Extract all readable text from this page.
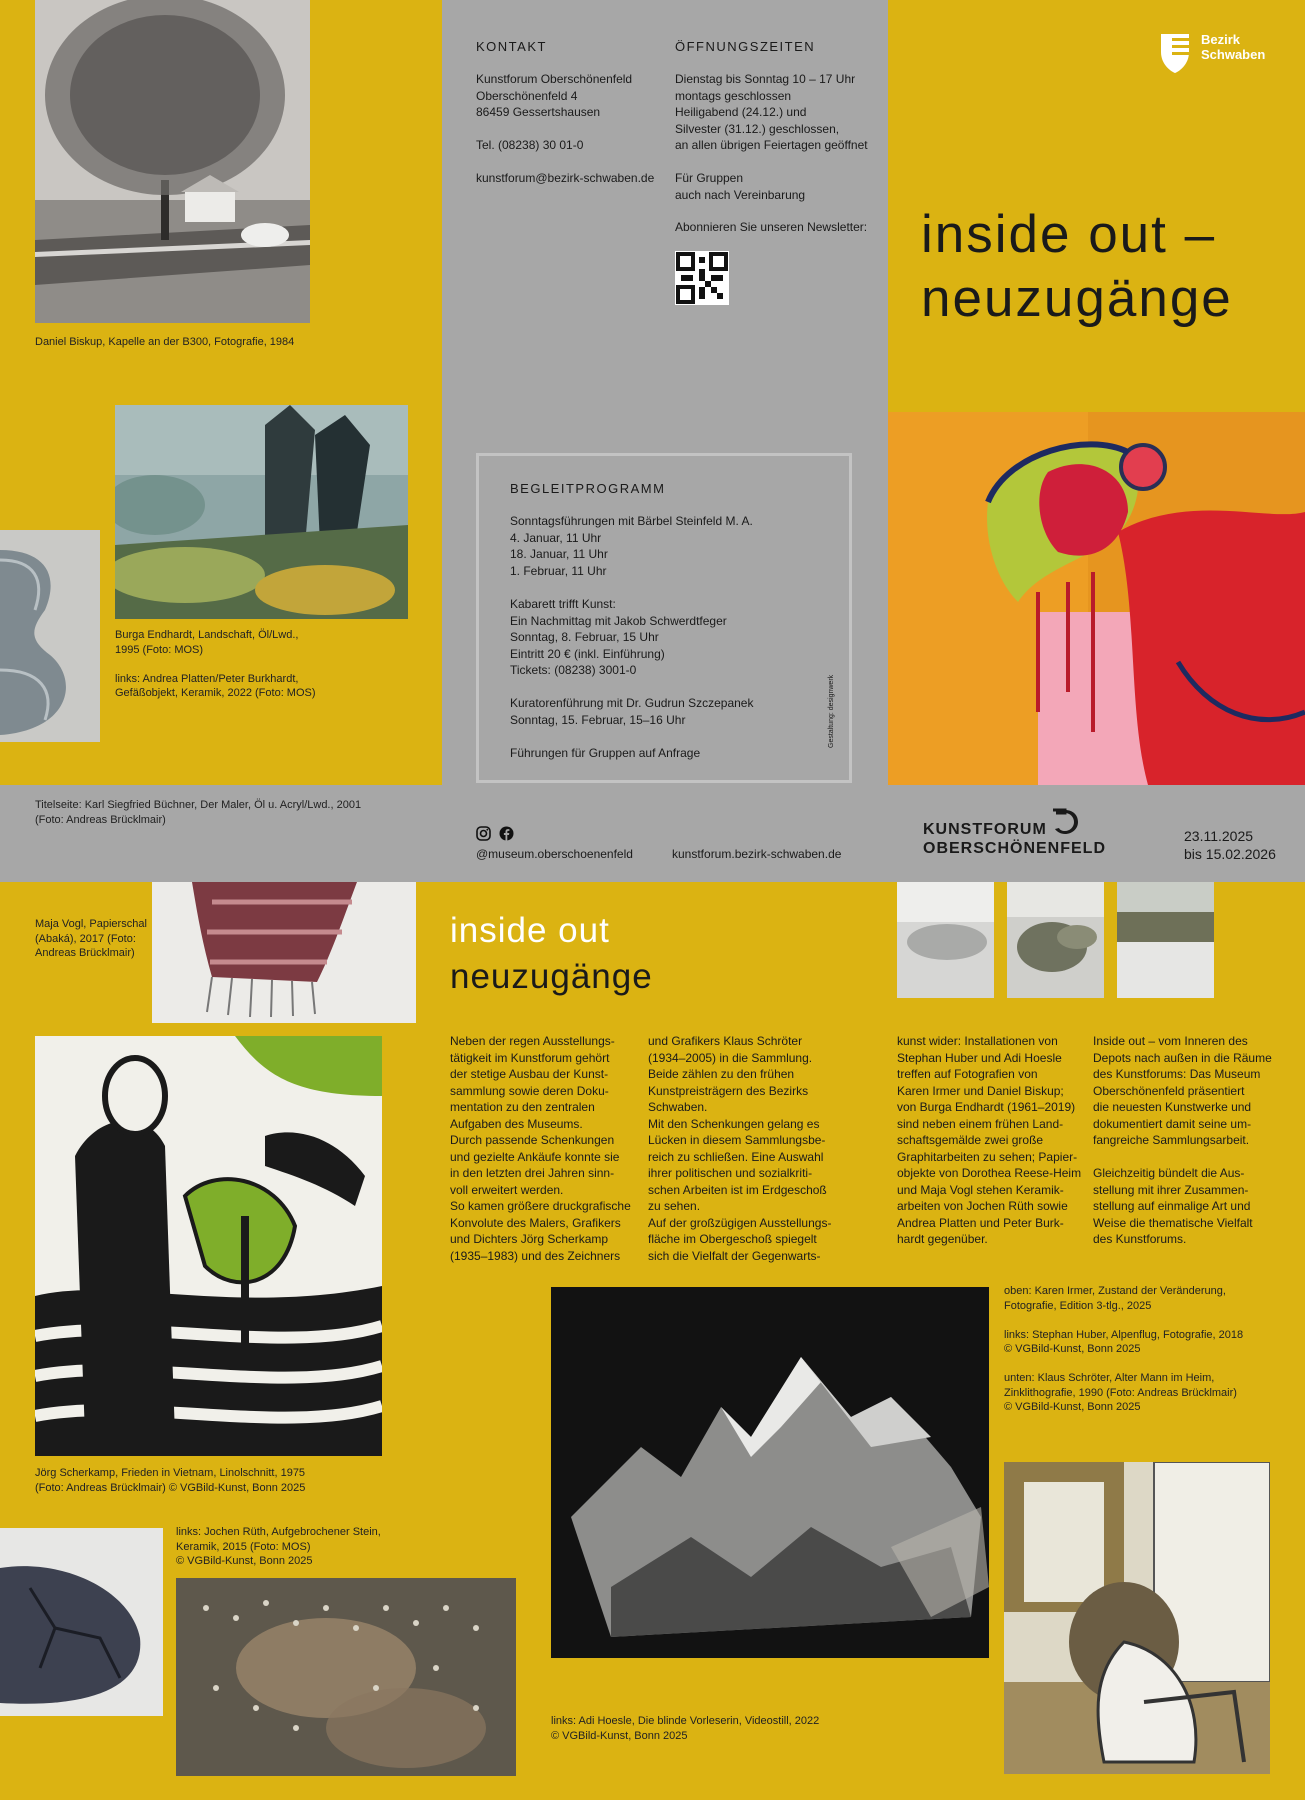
Daniel Biskup, Kapelle an der B300, Fotografie, 1984
Burga Endhardt, Landschaft, Öl/Lwd.,
1995 (Foto: MOS)

links: Andrea Platten/Peter Burkhardt,
Gefäßobjekt, Keramik, 2022 (Foto: MOS)
Titelseite: Karl Siegfried Büchner, Der Maler, Öl u. Acryl/Lwd., 2001
(Foto: Andreas Brücklmair)
KONTAKT
Kunstforum Oberschönenfeld
Oberschönenfeld 4
86459 Gessertshausen
Tel. (08238) 30 01-0
kunstforum@bezirk-schwaben.de
ÖFFNUNGSZEITEN
Dienstag bis Sonntag 10 – 17 Uhr
montags geschlossen
Heiligabend (24.12.) und
Silvester (31.12.) geschlossen,
an allen übrigen Feiertagen geöffnet
Für Gruppen
auch nach Vereinbarung
Abonnieren Sie unseren Newsletter:
BEGLEITPROGRAMM
Sonntagsführungen mit Bärbel Steinfeld M. A.
4. Januar, 11 Uhr
18. Januar, 11 Uhr
1. Februar, 11 Uhr
Kabarett trifft Kunst:
Ein Nachmittag mit Jakob Schwerdtfeger
Sonntag, 8. Februar, 15 Uhr
Eintritt 20 € (inkl. Einführung)
Tickets: (08238) 3001-0
Kuratorenführung mit Dr. Gudrun Szczepanek
Sonntag, 15. Februar, 15–16 Uhr
Führungen für Gruppen auf Anfrage
Gestaltung: designwerk
@museum.oberschoenenfeld	kunstforum.bezirk-schwaben.de
Bezirk
Schwaben
inside out –
neuzugänge
KUNSTFORUM
OBERSCHÖNENFELD
23.11.2025
bis 15.02.2026
Maja Vogl, Papierschal
(Abaká), 2017 (Foto:
Andreas Brücklmair)
inside out
neuzugänge
Neben der regen Ausstellungs-
tätigkeit im Kunstforum gehört
der stetige Ausbau der Kunst-
sammlung sowie deren Doku-
mentation zu den zentralen
Aufgaben des Museums.
Durch passende Schenkungen
und gezielte Ankäufe konnte sie
in den letzten drei Jahren sinn-
voll erweitert werden.
So kamen größere druckgrafische
Konvolute des Malers, Grafikers
und Dichters Jörg Scherkamp
(1935–1983) und des Zeichners
und Grafikers Klaus Schröter
(1934–2005) in die Sammlung.
Beide zählen zu den frühen
Kunstpreisträgern des Bezirks
Schwaben.
Mit den Schenkungen gelang es
Lücken in diesem Sammlungsbe-
reich zu schließen. Eine Auswahl
ihrer politischen und sozialkriti-
schen Arbeiten ist im Erdgeschoß
zu sehen.
Auf der großzügigen Ausstellungs-
fläche im Obergeschoß spiegelt
sich die Vielfalt der Gegenwarts-
kunst wider: Installationen von
Stephan Huber und Adi Hoesle
treffen auf Fotografien von
Karen Irmer und Daniel Biskup;
von Burga Endhardt (1961–2019)
sind neben einem frühen Land-
schaftsgemälde zwei große
Graphitarbeiten zu sehen; Papier-
objekte von Dorothea Reese-Heim
und Maja Vogl stehen Keramik-
arbeiten von Jochen Rüth sowie
Andrea Platten und Peter Burk-
hardt gegenüber.
Inside out – vom Inneren des
Depots nach außen in die Räume
des Kunstforums: Das Museum
Oberschönenfeld präsentiert
die neuesten Kunstwerke und
dokumentiert damit seine um-
fangreiche Sammlungsarbeit.

Gleichzeitig bündelt die Aus-
stellung mit ihrer Zusammen-
stellung auf einmalige Art und
Weise die thematische Vielfalt
des Kunstforums.
Jörg Scherkamp, Frieden in Vietnam, Linolschnitt, 1975
(Foto: Andreas Brücklmair) © VGBild-Kunst, Bonn 2025
links: Jochen Rüth, Aufgebrochener Stein,
Keramik, 2015 (Foto: MOS)
© VGBild-Kunst, Bonn 2025
links: Adi Hoesle, Die blinde Vorleserin, Videostill, 2022
© VGBild-Kunst, Bonn 2025
oben: Karen Irmer, Zustand der Veränderung,
Fotografie, Edition 3-tlg., 2025

links: Stephan Huber, Alpenflug, Fotografie, 2018
© VGBild-Kunst, Bonn 2025

unten: Klaus Schröter, Alter Mann im Heim,
Zinklithografie, 1990 (Foto: Andreas Brücklmair)
© VGBild-Kunst, Bonn 2025
